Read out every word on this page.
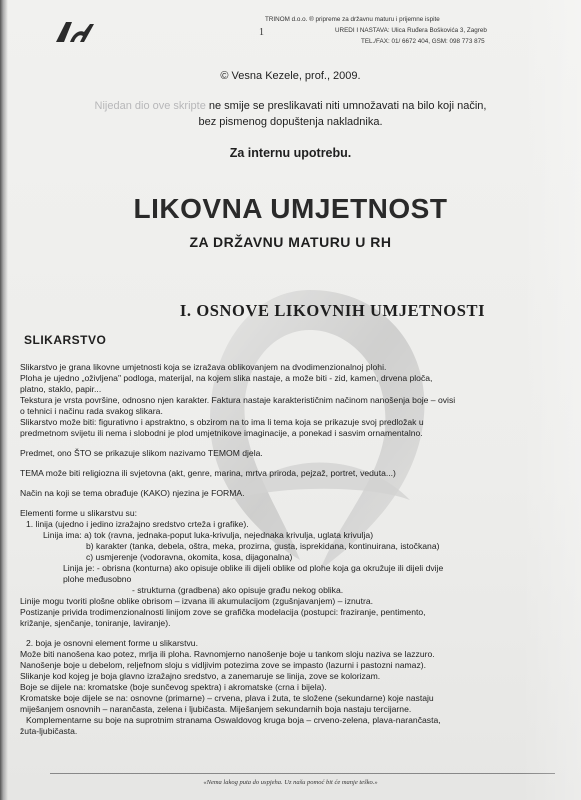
1
TRINOM d.o.o. ® pripreme za državnu maturu i prijemne ispite
UREDI I NASTAVA: Ulica Ruđera Boškovića 3, Zagreb
TEL./FAX: 01/ 6672 404, GSM: 098 773 875
© Vesna Kezele, prof., 2009.
Nijedan dio ove skripte ne smije se preslikavati niti umnožavati na bilo koji način,
bez pismenog dopuštenja nakladnika.
Za internu upotrebu.
LIKOVNA UMJETNOST
ZA DRŽAVNU MATURU U RH
I. OSNOVE LIKOVNIH UMJETNOSTI
SLIKARSTVO

Slikarstvo je grana likovne umjetnosti koja se izražava oblikovanjem na dvodimenzionalnoj plohi.

Ploha je ujedno „oživljena" podloga, materijal, na kojem slika nastaje, a može biti - zid, kamen, drvena ploča,

platno, staklo, papir...

Tekstura je vrsta površine, odnosno njen karakter. Faktura nastaje karakterističnim načinom nanošenja boje – ovisi

o tehnici i načinu rada svakog slikara.

Slikarstvo može biti: figurativno i apstraktno, s obzirom na to ima li tema koja se prikazuje svoj predložak u

predmetnom svijetu ili nema i slobodni je plod umjetnikove imaginacije, a ponekad i sasvim ornamentalno.

Predmet, ono ŠTO se prikazuje slikom nazivamo TEMOM djela.

TEMA može biti religiozna ili svjetovna (akt, genre, marina, mrtva priroda, pejzaž, portret, veduta...)

Način na koji se tema obrađuje (KAKO) njezina je FORMA.

Elementi forme u slikarstvu su:

1. linija (ujedno i jedino izražajno sredstvo crteža i grafike).

Linija ima: a) tok (ravna, jednaka-poput luka-krivulja, nejednaka krivulja, uglata krivulja)

b) karakter (tanka, debela, oštra, meka, prozirna, gusta, isprekidana, kontinuirana, istočkana)

c) usmjerenje (vodoravna, okomita, kosa, dijagonalna)

Linija je: - obrisna (konturna) ako opisuje oblike ili dijeli oblike od plohe koja ga okružuje ili dijeli dvije

plohe međusobno

- strukturna (gradbena) ako opisuje građu nekog oblika.

Linije mogu tvoriti plošne oblike obrisom – izvana ili akumulacijom (zgušnjavanjem) – iznutra.

Postizanje privida trodimenzionalnosti linijom zove se grafička modelacija (postupci: fraziranje, pentimento,

križanje, sjenčanje, toniranje, laviranje).

2. boja je osnovni element forme u slikarstvu.

Može biti nanošena kao potez, mrlja ili ploha. Ravnomjerno nanošenje boje u tankom sloju naziva se lazzuro.

Nanošenje boje u debelom, reljefnom sloju s vidljivim potezima zove se impasto (lazurni i pastozni namaz).

Slikanje kod kojeg je boja glavno izražajno sredstvo, a zanemaruje se linija, zove se kolorizam.

Boje se dijele na: kromatske (boje sunčevog spektra) i akromatske (crna i bijela).

Kromatske boje dijele se na: osnovne (primarne) – crvena, plava i žuta, te složene (sekundarne) koje nastaju

miješanjem osnovnih – narančasta, zelena i ljubičasta. Miješanjem sekundarnih boja nastaju tercijarne.

Komplementarne su boje na suprotnim stranama Oswaldovog kruga boja – crveno-zelena, plava-narančasta,

žuta-ljubičasta.

«Nema lakog puta do uspjeha. Uz našu pomoć bit će manje teško.»
